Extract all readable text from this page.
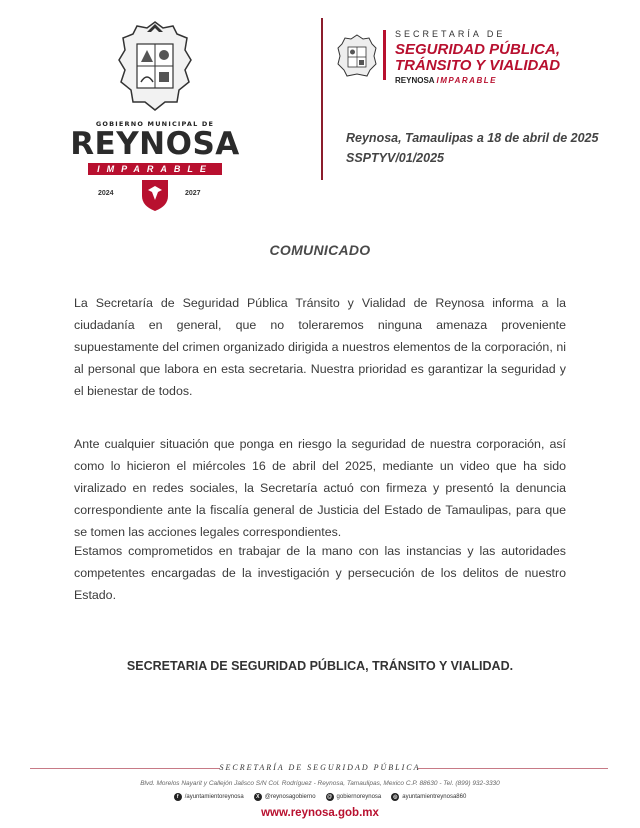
GOBIERNO MUNICIPAL DE
REYNOSA
IMPARABLE
2024	2027
SECRETARÍA DE
SEGURIDAD PÚBLICA,
TRÁNSITO Y VIALIDAD
REYNOSA IMPARABLE
Reynosa, Tamaulipas a 18 de abril de 2025
SSPTYV/01/2025
COMUNICADO
La Secretaría de Seguridad Pública Tránsito y Vialidad de Reynosa informa a la ciudadanía en general, que no toleraremos ninguna amenaza proveniente supuestamente del crimen organizado dirigida a nuestros elementos de la corporación, ni al personal que labora en esta secretaria. Nuestra prioridad es garantizar la seguridad y el bienestar de todos.
Ante cualquier situación que ponga en riesgo la seguridad de nuestra corporación, así como lo hicieron el miércoles 16 de abril del 2025, mediante un video que ha sido viralizado en redes sociales, la Secretaría actuó con firmeza y presentó la denuncia correspondiente ante la fiscalía general de Justicia del Estado de Tamaulipas, para que se tomen las acciones legales correspondientes.
Estamos comprometidos en trabajar de la mano con las instancias y las autoridades competentes encargadas de la investigación y persecución de los delitos de nuestro Estado.
SECRETARIA DE SEGURIDAD PÚBLICA, TRÁNSITO Y VIALIDAD.
SECRETARÍA DE SEGURIDAD PÚBLICA
Blvd. Morelos Nayarit y Callejón Jalisco S/N Col. Rodríguez - Reynosa, Tamaulipas, Mexico C.P. 88630 - Tel. (899) 932-3330
f	/ayuntamientoreynosa	X @reynosagobierno	@ gobiernoreynosa	◎ ayuntamientreynosa860
www.reynosa.gob.mx
